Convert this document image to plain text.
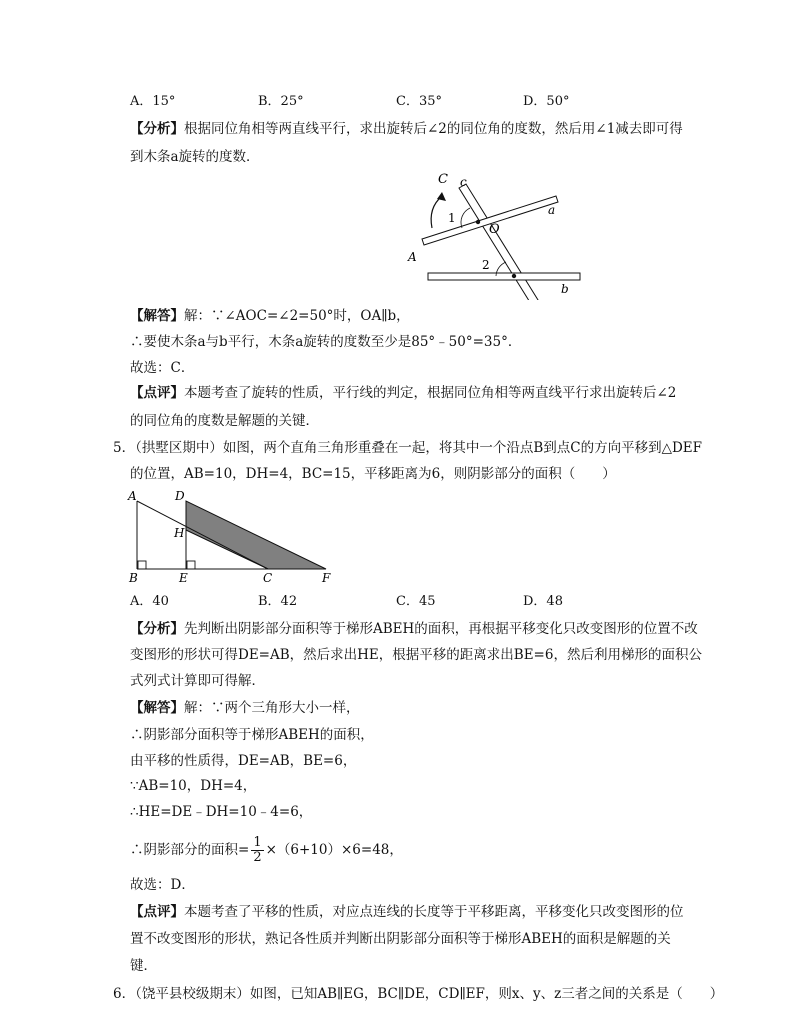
A．15°	B．25°	C．35°	D．50°
【分析】根据同位角相等两直线平行，求出旋转后∠2的同位角的度数，然后用∠1减去即可得
到木条a旋转的度数．
C c
a
1
O
A
2
b
【解答】解：∵∠AOC=∠2=50°时，OA∥b，
∴要使木条a与b平行，木条a旋转的度数至少是85°﹣50°=35°．
故选：C．
【点评】本题考查了旋转的性质，平行线的判定，根据同位角相等两直线平行求出旋转后∠2
的同位角的度数是解题的关键．
5．（拱墅区期中）如图，两个直角三角形重叠在一起，将其中一个沿点B到点C的方向平移到△DEF
的位置，AB=10，DH=4，BC=15，平移距离为6，则阴影部分的面积（　　）
A	D
H
B	E	C	F
A．40	B．42	C．45	D．48
【分析】先判断出阴影部分面积等于梯形ABEH的面积，再根据平移变化只改变图形的位置不改
变图形的形状可得DE=AB，然后求出HE，根据平移的距离求出BE=6，然后利用梯形的面积公
式列式计算即可得解．
【解答】解：∵两个三角形大小一样，
∴阴影部分面积等于梯形ABEH的面积，
由平移的性质得，DE=AB，BE=6，
∵AB=10，DH=4，
∴HE=DE﹣DH=10﹣4=6，
∴阴影部分的面积= $\frac{1}{2} \times(6+10)\times 6=48$，
故选：D．
【点评】本题考查了平移的性质，对应点连线的长度等于平移距离，平移变化只改变图形的位
置不改变图形的形状，熟记各性质并判断出阴影部分面积等于梯形ABEH的面积是解题的关
键．
6．（饶平县校级期末）如图，已知AB∥EG，BC∥DE，CD∥EF，则x、y、z三者之间的关系是（　　）
